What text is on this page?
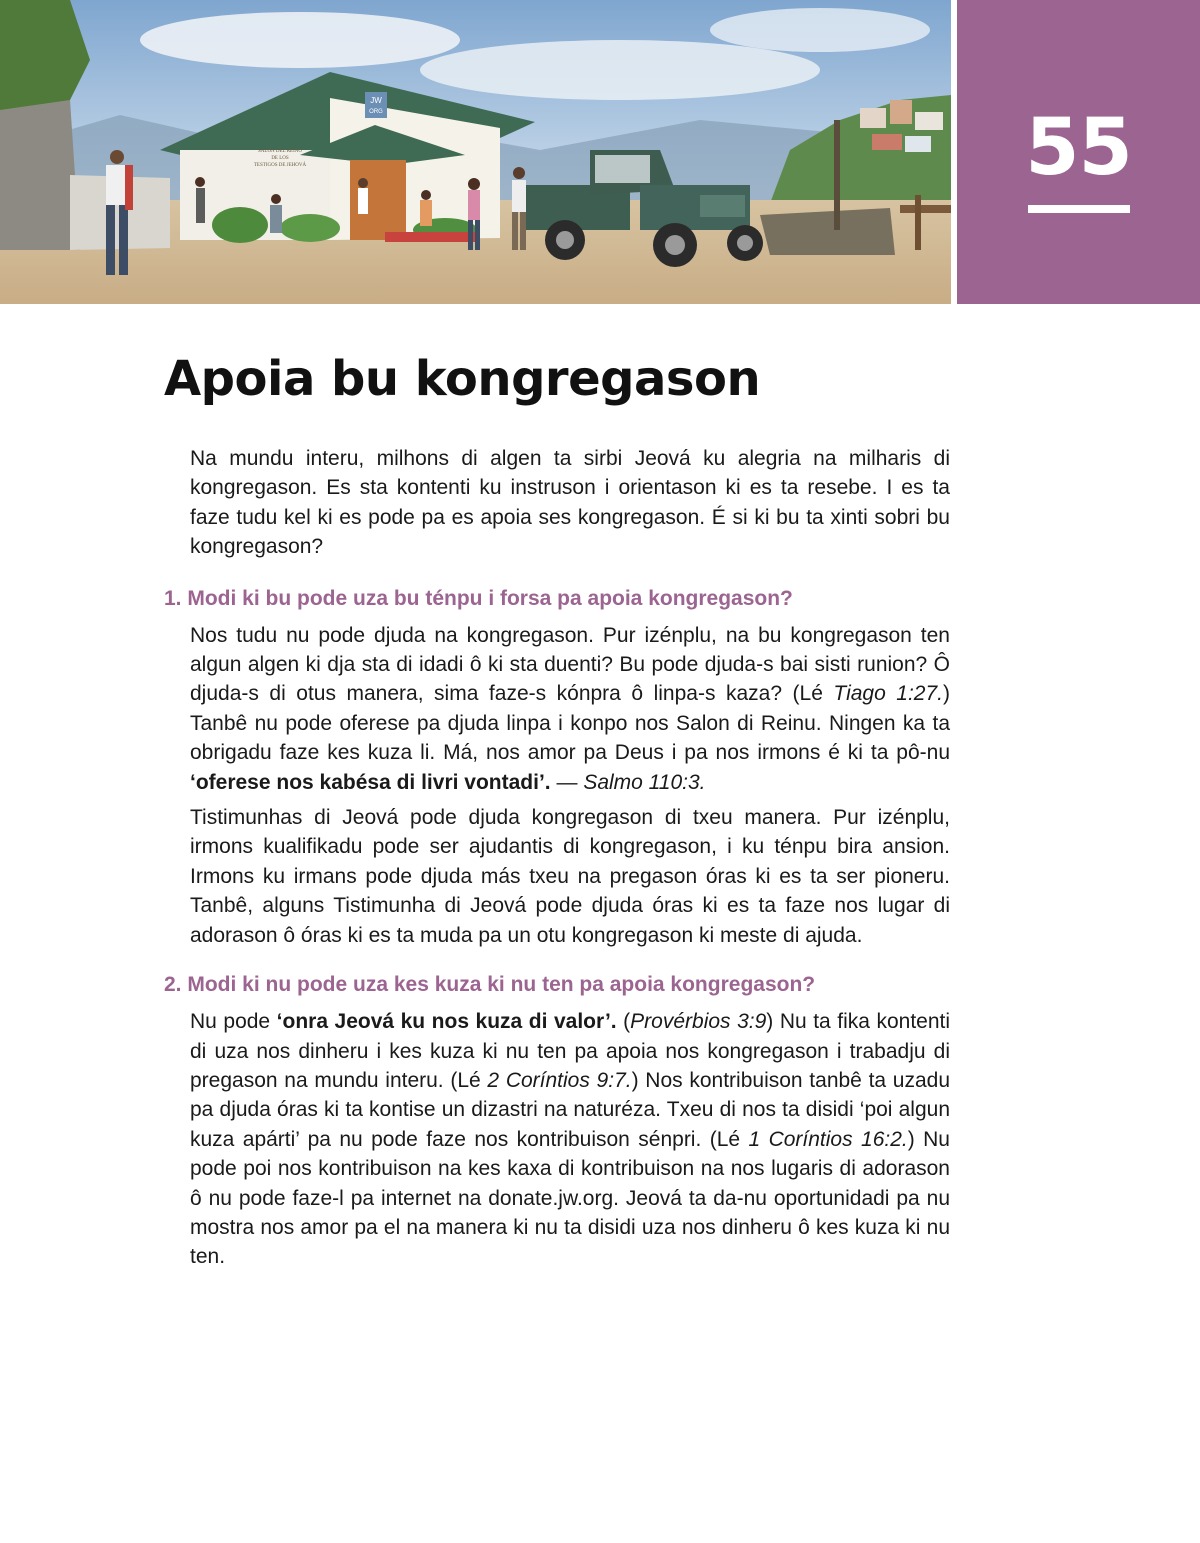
JW
ORG
SALÓN DEL REINO
DE LOS
TESTIGOS DE JEHOVÁ	55
Apoia bu kongregason

Na mundu interu, milhons di algen ta sirbi Jeová ku alegria na milharis di kongregason. Es sta kontenti ku instruson i orientason ki es ta resebe. I es ta faze tudu kel ki es pode pa es apoia ses kongregason. É si ki bu ta xinti sobri bu kongregason?

1. Modi ki bu pode uza bu ténpu i forsa pa apoia kongregason?

Nos tudu nu pode djuda na kongregason. Pur izénplu, na bu kongregason ten algun algen ki dja sta di idadi ô ki sta duenti? Bu pode djuda-s bai sisti runion? Ô djuda-s di otus manera, sima faze-s kónpra ô linpa-s kaza? (Lé Tiago 1:27.) Tanbê nu pode oferese pa djuda linpa i konpo nos Salon di Reinu. Ningen ka ta obrigadu faze kes kuza li. Má, nos amor pa Deus i pa nos irmons é ki ta pô-nu ‘oferese nos kabésa di livri vontadi’. — Salmo 110:3.

Tistimunhas di Jeová pode djuda kongregason di txeu manera. Pur izénplu, irmons kualifikadu pode ser ajudantis di kongregason, i ku ténpu bira ansion. Irmons ku irmans pode djuda más txeu na pregason óras ki es ta ser pioneru. Tanbê, alguns Tistimunha di Jeová pode djuda óras ki es ta faze nos lugar di adorason ô óras ki es ta muda pa un otu kongregason ki meste di ajuda.

2. Modi ki nu pode uza kes kuza ki nu ten pa apoia kongregason?

Nu pode ‘onra Jeová ku nos kuza di valor’. (Provérbios 3:9) Nu ta fika kontenti di uza nos dinheru i kes kuza ki nu ten pa apoia nos kongregason i trabadju di pregason na mundu interu. (Lé 2 Coríntios 9:7.) Nos kontribuison tanbê ta uzadu pa djuda óras ki ta kontise un dizastri na naturéza. Txeu di nos ta disidi ‘poi algun kuza apárti’ pa nu pode faze nos kontribuison sénpri. (Lé 1 Coríntios 16:2.) Nu pode poi nos kontribuison na kes kaxa di kontribuison na nos lugaris di adorason ô nu pode faze-l pa internet na donate.jw.org. Jeová ta da-nu oportunidadi pa nu mostra nos amor pa el na manera ki nu ta disidi uza nos dinheru ô kes kuza ki nu ten.
